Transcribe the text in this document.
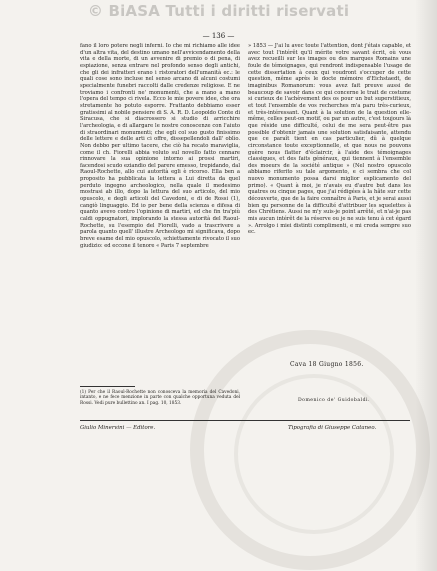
© BiASA Tutti i diritti riservati
— 136 —

fano il loro potere negli inferni. Io che mi richiamo alle idee d'un altra vita, del destino umano nell'avvicendamento della vita e della morte, di un avvenire di premio o di pena, di espiazione, senza entrare nel profondo senso degli antichi, che gli dei infratteri erano i ristoratori dell'umanità ec.: le quali cose sono incluse nel senso arcano di alcuni costumi specialmente funebri raccolti dalle credenze religiose. E ne troviamo i confronti ne' monumenti, che a mano a mano l'opera del tempo ci rivela. Ecco le mie povere idee, che ora stretamente ho potuto esporre. Frattanto debbiamo esser gratissimi al nobile pensiere di S. A. R. D. Leopoldo Conte di Siracusa, che si diacrossero si studio di arricchire l'archeologia, e di allargare le nostre conoscenze con l'aiuto di straordinari monumenti; che egli col suo gusto finissimo delle lettere e delle arti ci offre, dissepellendoli dall' oblìo. Non debbo per ultimo tacere, che ciò ha recato maraviglia, come il ch. Fiorelli abbia voluto sul novello fatto cennare rinnovare la sua opinione intorno ai prossi martiri, facendosi scudo eziandio del parere emesso, trepidando, dal Raoul-Rochette, allo cui autorità egli è ricorso. Ella ben a proposito ha pubblicata la lettera a Lui diretta da quel perduto ingegno archeologico, nella quale il medesimo mostrasi ab illo, dopo la lettura del suo articolo, del mio opuscolo, e degli articoli del Cavedoni, e di de Rossi (1), cangiò linguaggio. Ed io per bene della scienza e difesa di quanto avevo contro l'opinione di martiri, ed che fin tra'più caldi oppugnatori, implorando la stessa autorità del Raoul-Rochette, su l'esempio del Fiorelli, vado a trascrivere a parola quanto quell' illustre Archeologo mi significava, dopo breve esame del mio opuscolo, schiettamente rivocato il suo giudizio: ed eccone il tenore « Paris 7 septembre

» 1853 — J'ai lu avec toute l'attention, dont j'étais capable, et avec tout l'intérêt qu'il mérite votre savant écrit, où vous avez recueilli sur les images ou des marques Romains une foule de témoignages, qui rendront indispensable l'usage de cette dissertation à ceux qui voudront s'occuper de cette question, même après le docte mémoire d'Eichstaedt, de imaginibus Romanorum: vous avez fait preuve aussi de beaucoup de savoir dans ce qui concerne le trait de costume si curieux de l'achèvement des os pour un but superstitieux, et tout l'ensemble de vos recherches m'a paru très-curieux, et très-intéressant. Quant à la solution de la question elle-même, celles peut-on motif, ou par un autre, c'est toujours là que réside une difficulté, celui de me sera peut-être pas possible d'obtenir jamais une solution satisfaisante, attendu que ce paraît tient en cas particulier, dû à quelque circonstance toute exceptionnelle, et que nous ne pouvons guère nous flatter d'éclaircir, à l'aide des témoignages classiques, et des faits généraux, qui tiennent à l'ensemble des moeurs de la société antique » (Nel nostro opuscolo abbiamo riferito su tale argomento, e ci sembra che col nuovo monumento possa darsi miglior esplicamento del primo). « Quant à moi, je n'avais eu d'autre but dans les quatres ou cinque pages, que j'ai rédigées à la hâte sur cette découverte, que de la faire connaître à Paris, et je serai aussi bien qu personne de la difficulté d'attribuer les squelettes à des Chrétiens. Aussi ne m'y suis-je point arrêté, et n'ai-je pas mis aucun intérêt de la réserve ou je ne suis tenu à cet égard ». Arrolgo i miei distinti complimenti, e mi creda sempre suo ec.

(1) Per che il Raoul-Rochette non conosceva la memoria del Cavedoni, intanto, e ne fece menzione in parte con qualche opportuna veduta del Rossi. Vedi pure bullettino an. I pag. 10, 1853.
Cava 18 Giugno 1856.
Domenico de' Guidobaldi.
Giulio Minervini — Editore.	Tipografia di Giuseppe Cataneo.
